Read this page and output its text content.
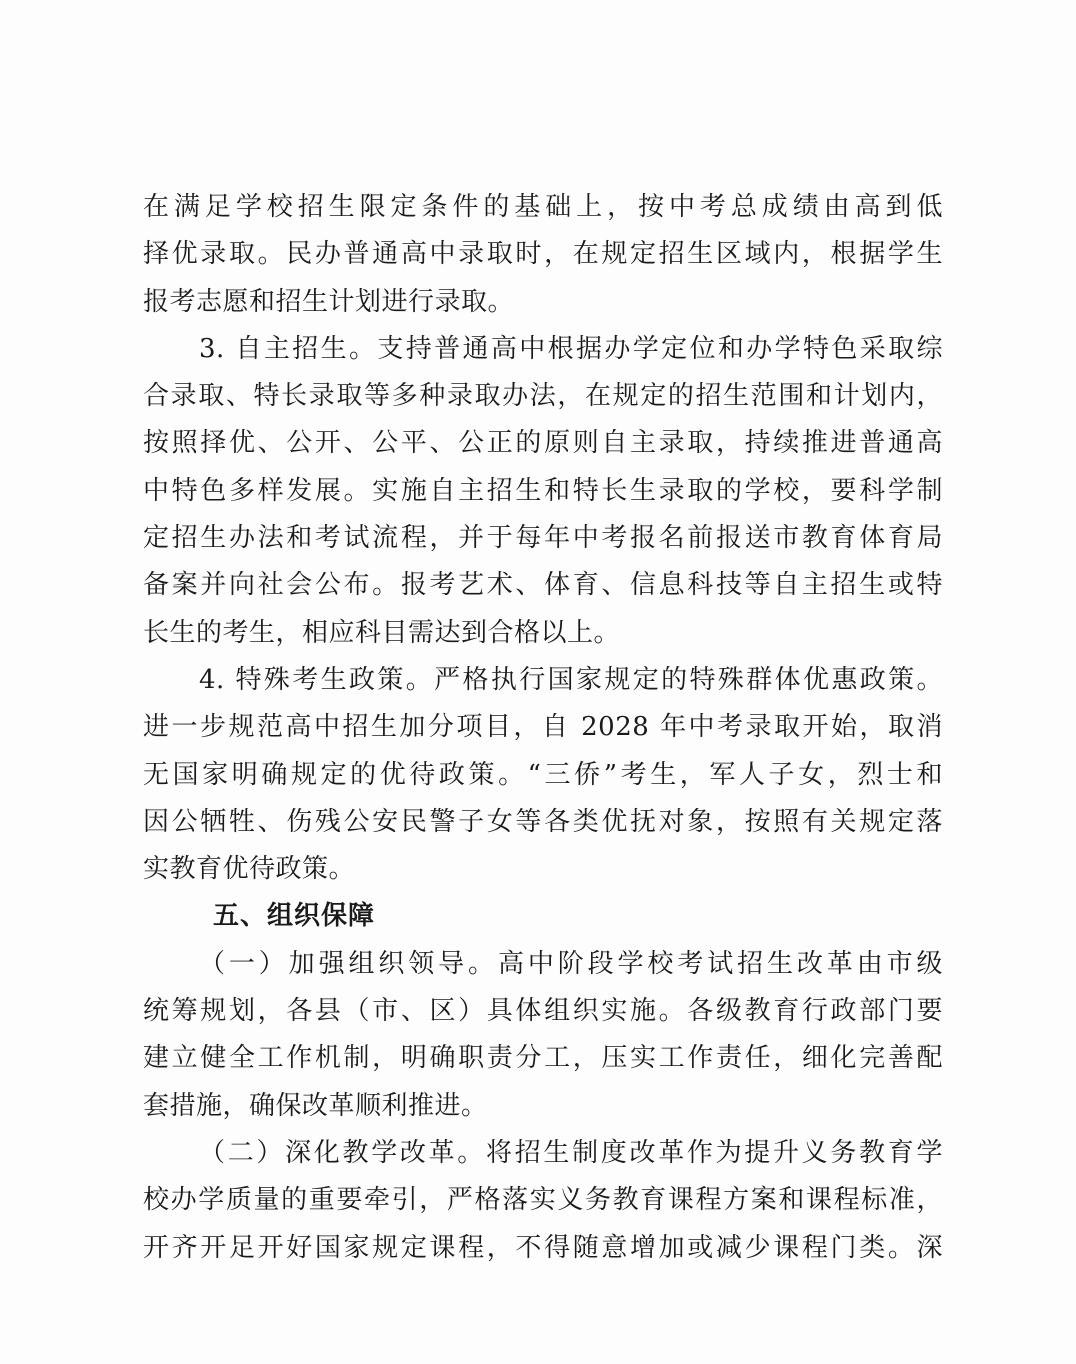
在满足学校招生限定条件的基础上，按中考总成绩由高到低
择优录取。民办普通高中录取时，在规定招生区域内，根据学生
报考志愿和招生计划进行录取。
3. 自主招生。支持普通高中根据办学定位和办学特色采取综
合录取、特长录取等多种录取办法，在规定的招生范围和计划内，
按照择优、公开、公平、公正的原则自主录取，持续推进普通高
中特色多样发展。实施自主招生和特长生录取的学校，要科学制
定招生办法和考试流程，并于每年中考报名前报送市教育体育局
备案并向社会公布。报考艺术、体育、信息科技等自主招生或特
长生的考生，相应科目需达到合格以上。
4. 特殊考生政策。严格执行国家规定的特殊群体优惠政策。
进一步规范高中招生加分项目，自 2028 年中考录取开始，取消
无国家明确规定的优待政策。“三侨”考生，军人子女，烈士和
因公牺牲、伤残公安民警子女等各类优抚对象，按照有关规定落
实教育优待政策。
五、组织保障
（一）加强组织领导。高中阶段学校考试招生改革由市级
统筹规划，各县（市、区）具体组织实施。各级教育行政部门要
建立健全工作机制，明确职责分工，压实工作责任，细化完善配
套措施，确保改革顺利推进。
（二）深化教学改革。将招生制度改革作为提升义务教育学
校办学质量的重要牵引，严格落实义务教育课程方案和课程标准，
开齐开足开好国家规定课程，不得随意增加或减少课程门类。深
